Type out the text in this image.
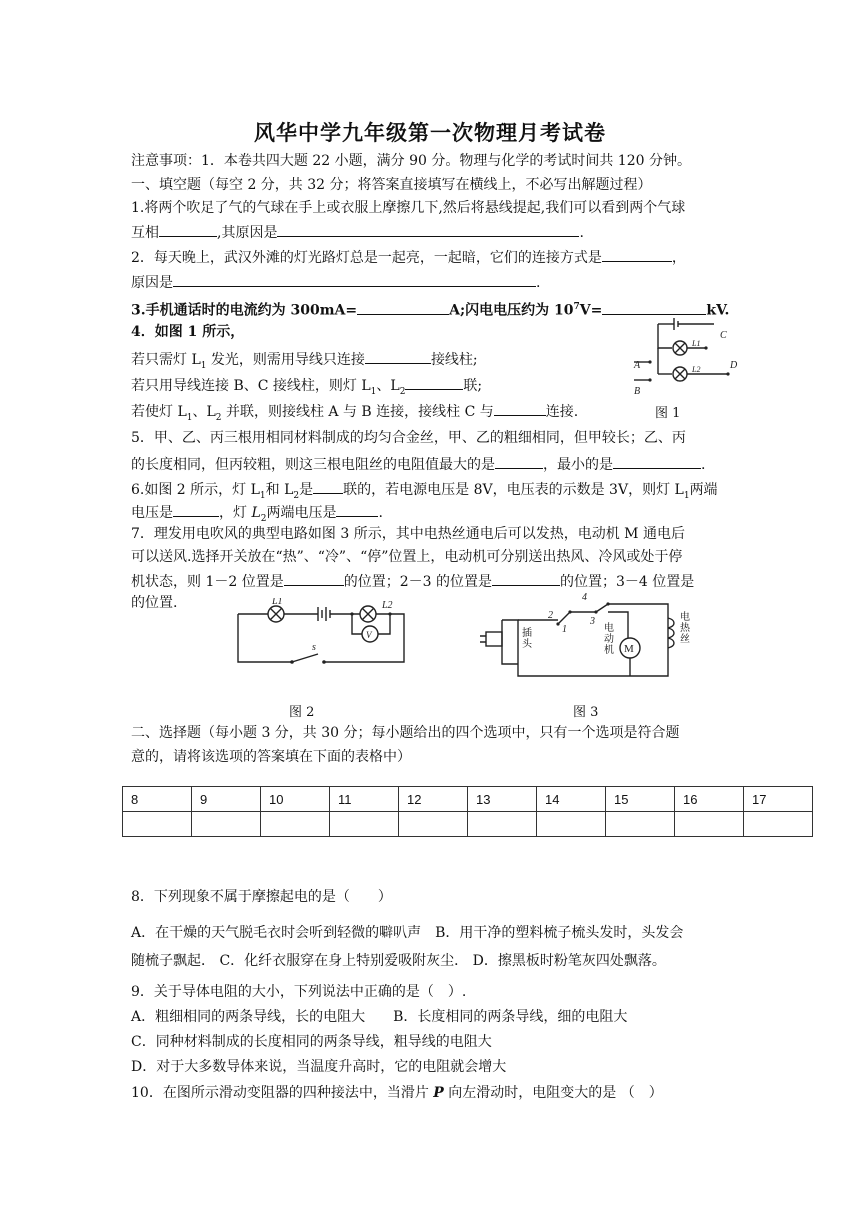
风华中学九年级第一次物理月考试卷
注意事项：1．本卷共四大题 22 小题，满分 90 分。物理与化学的考试时间共 120 分钟。
一、填空题（每空 2 分，共 32 分；将答案直接填写在横线上，不必写出解题过程）
1.将两个吹足了气的气球在手上或衣服上摩擦几下,然后将悬线提起,我们可以看到两个气球
互相	,其原因是	.
2．每天晚上，武汉外滩的灯光路灯总是一起亮，一起暗，它们的连接方式是	，
原因是	.
3.手机通话时的电流约为 300mA=	A;闪电电压约为 $10^7V=$	kV.
4．如图 1 所示，
若只需灯 $L_1$ 发光，则需用导线只连接	接线柱;
若只用导线连接 B、C 接线柱，则灯 $L_1$、$L_2$	联;
若使灯 $L_1$、$L_2$ 并联，则接线柱 A 与 B 连接，接线柱 C 与	连接.
C
A
B
D
L1
L2
图 1
5．甲、乙、丙三根用相同材料制成的均匀合金丝，甲、乙的粗细相同，但甲较长；乙、丙
的长度相同，但丙较粗，则这三根电阻丝的电阻值最大的是	，最小的是	.
6.如图 2 所示，灯 $L_1$和 $L_2$是 联的，若电源电压是 8V，电压表的示数是 3V，则灯 $L_1$两端
电压是	，灯 $L_2$两端电压是	.
7．理发用电吹风的典型电路如图 3 所示，其中电热丝通电后可以发热，电动机 M 通电后
可以送风.选择开关放在“热”、“冷”、“停”位置上，电动机可分别送出热风、冷风或处于停
机状态，则 1－2 位置是	的位置；2－3 的位置是	的位置；3－4 位置是
的位置.	L1	L2
V
s
图 2
M
2
1
3
4
插
头
电
动
机
电
热
丝
图 3
二、选择题（每小题 3 分，共 30 分；每小题给出的四个选项中，只有一个选项是符合题
意的，请将该选项的答案填在下面的表格中）
8	9	10	11	12	13	14	15	16	17

8．下列现象不属于摩擦起电的是（　　）
A．在干燥的天气脱毛衣时会听到轻微的噼叭声　B．用干净的塑料梳子梳头发时，头发会
随梳子飘起． C．化纤衣服穿在身上特别爱吸附灰尘． D．擦黑板时粉笔灰四处飘落。
9．关于导体电阻的大小，下列说法中正确的是（　）.
A．粗细相同的两条导线，长的电阻大 B．长度相同的两条导线，细的电阻大
C．同种材料制成的长度相同的两条导线，粗导线的电阻大
D．对于大多数导体来说，当温度升高时，它的电阻就会增大
10．在图所示滑动变阻器的四种接法中，当滑片 P 向左滑动时，电阻变大的是 （　）
